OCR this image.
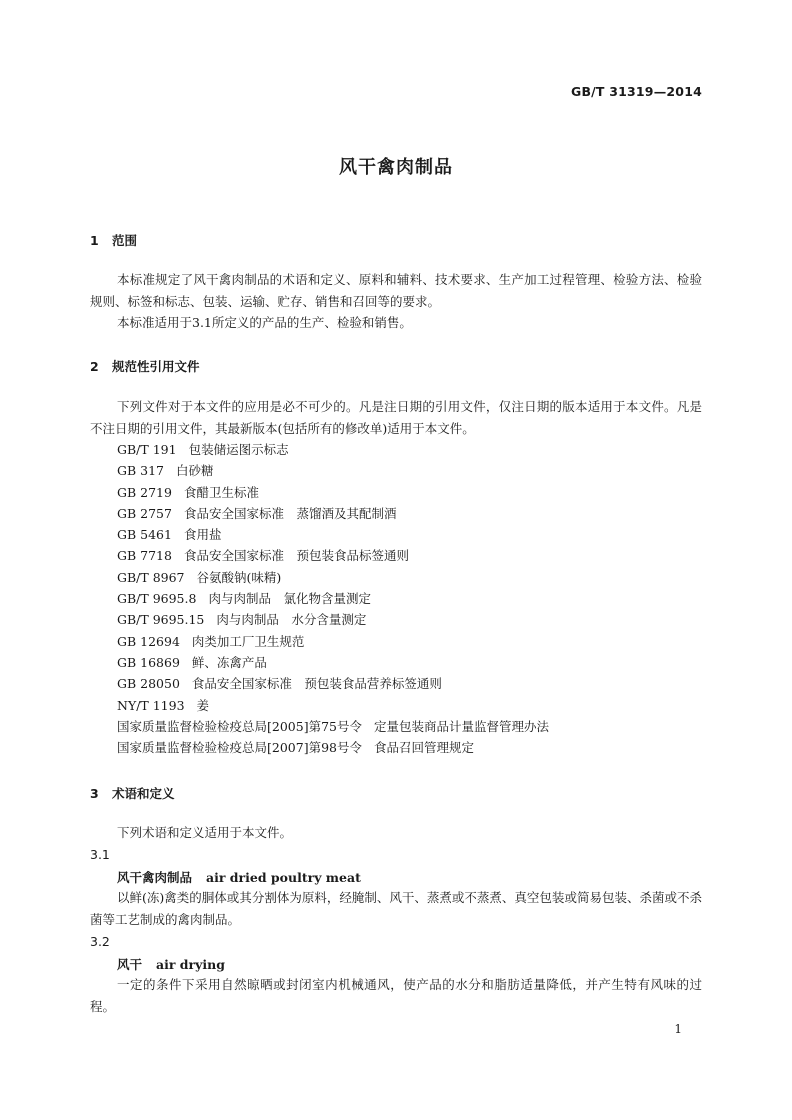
GB/T 31319—2014
风干禽肉制品
1 范围

本标准规定了风干禽肉制品的术语和定义、原料和辅料、技术要求、生产加工过程管理、检验方法、检验规则、标签和标志、包装、运输、贮存、销售和召回等的要求。

本标准适用于3.1所定义的产品的生产、检验和销售。

2 规范性引用文件

下列文件对于本文件的应用是必不可少的。凡是注日期的引用文件，仅注日期的版本适用于本文件。凡是不注日期的引用文件，其最新版本(包括所有的修改单)适用于本文件。

GB/T 191 包装储运图示标志
GB 317 白砂糖
GB 2719 食醋卫生标准
GB 2757 食品安全国家标准　蒸馏酒及其配制酒
GB 5461 食用盐
GB 7718 食品安全国家标准　预包装食品标签通则
GB/T 8967 谷氨酸钠(味精)
GB/T 9695.8 肉与肉制品　氯化物含量测定
GB/T 9695.15 肉与肉制品　水分含量测定
GB 12694 肉类加工厂卫生规范
GB 16869 鲜、冻禽产品
GB 28050 食品安全国家标准　预包装食品营养标签通则
NY/T 1193 姜
国家质量监督检验检疫总局[2005]第75号令 定量包装商品计量监督管理办法
国家质量监督检验检疫总局[2007]第98号令 食品召回管理规定
3 术语和定义

下列术语和定义适用于本文件。

3.1
风干禽肉制品 air dried poultry meat

以鲜(冻)禽类的胴体或其分割体为原料，经腌制、风干、蒸煮或不蒸煮、真空包装或简易包装、杀菌或不杀菌等工艺制成的禽肉制品。

3.2
风干 air drying

一定的条件下采用自然晾晒或封闭室内机械通风，使产品的水分和脂肪适量降低，并产生特有风味的过程。

1
